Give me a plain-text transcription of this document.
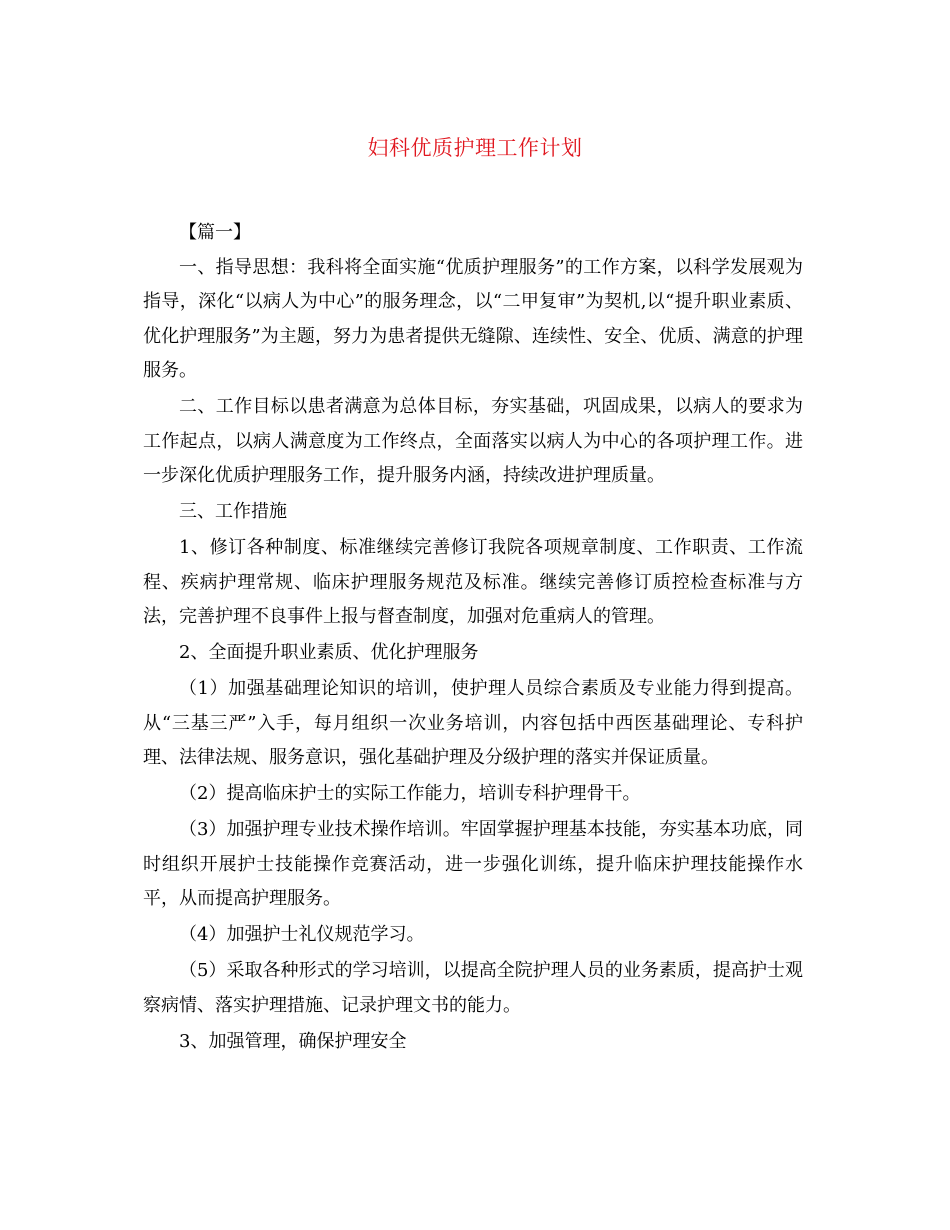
妇科优质护理工作计划

【篇一】

一、指导思想：我科将全面实施“优质护理服务”的工作方案，以科学发展观为指导，深化“以病人为中心”的服务理念，以“二甲复审”为契机,以“提升职业素质、优化护理服务”为主题，努力为患者提供无缝隙、连续性、安全、优质、满意的护理服务。

二、工作目标以患者满意为总体目标，夯实基础，巩固成果，以病人的要求为工作起点，以病人满意度为工作终点，全面落实以病人为中心的各项护理工作。进一步深化优质护理服务工作，提升服务内涵，持续改进护理质量。

三、工作措施

1、修订各种制度、标准继续完善修订我院各项规章制度、工作职责、工作流程、疾病护理常规、临床护理服务规范及标准。继续完善修订质控检查标准与方法，完善护理不良事件上报与督查制度，加强对危重病人的管理。

2、全面提升职业素质、优化护理服务

（1）加强基础理论知识的培训，使护理人员综合素质及专业能力得到提高。从“三基三严”入手，每月组织一次业务培训，内容包括中西医基础理论、专科护理、法律法规、服务意识，强化基础护理及分级护理的落实并保证质量。

（2）提高临床护士的实际工作能力，培训专科护理骨干。

（3）加强护理专业技术操作培训。牢固掌握护理基本技能，夯实基本功底，同时组织开展护士技能操作竞赛活动，进一步强化训练，提升临床护理技能操作水平，从而提高护理服务。

（4）加强护士礼仪规范学习。

（5）采取各种形式的学习培训，以提高全院护理人员的业务素质，提高护士观察病情、落实护理措施、记录护理文书的能力。

3、加强管理，确保护理安全
